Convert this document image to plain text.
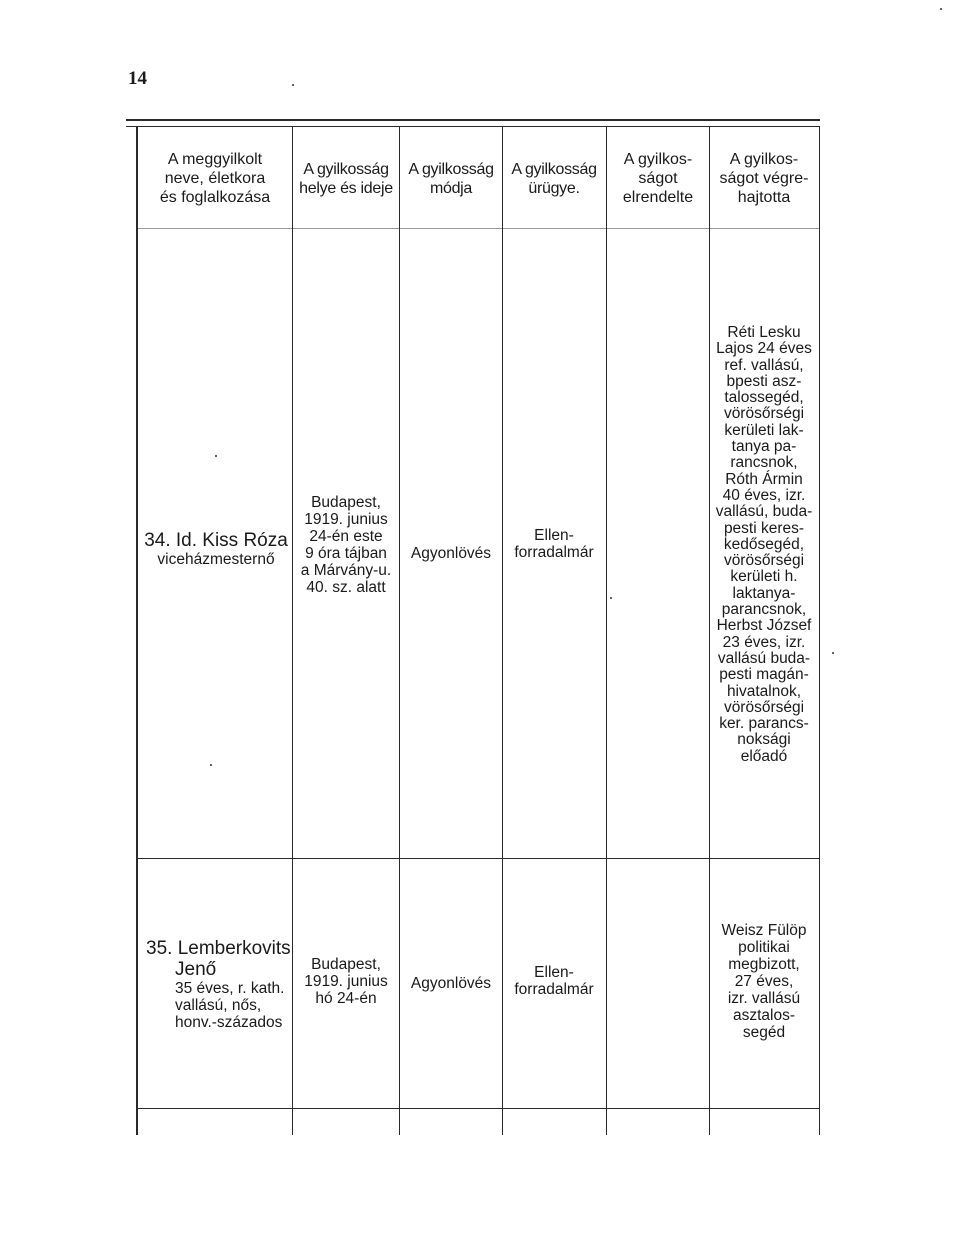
14
A meggyilkolt
neve, életkora
és foglalkozása
A gyilkosság
helye és ideje
A gyilkosság
módja
A gyilkosság
ürügye.
A gyilkos-
ságot
elrendelte
A gyilkos-
ságot végre-
hajtotta
34. Id. Kiss Róza
viceházmesternő
Budapest,
1919. junius
24-én este
9 óra tájban
a Márvány-u.
40. sz. alatt
Agyonlövés
Ellen-
forradalmár
Réti Lesku
Lajos 24 éves
ref. vallású,
bpesti asz-
talossegéd,
vörösőrségi
kerületi lak-
tanya pa-
rancsnok,
Róth Ármin
40 éves, izr.
vallású, buda-
pesti keres-
kedősegéd,
vörösőrségi
kerületi h.
laktanya-
parancsnok,
Herbst József
23 éves, izr.
vallású buda-
pesti magán-
hivatalnok,
vörösőrségi
ker. parancs-
noksági
előadó
35. Lemberkovits
Jenő
35 éves, r. kath.
vallású, nős,
honv.-százados
Budapest,
1919. junius
hó 24-én
Agyonlövés
Ellen-
forradalmár
Weisz Fülöp
politikai
megbizott,
27 éves,
izr. vallású
asztalos-
segéd
